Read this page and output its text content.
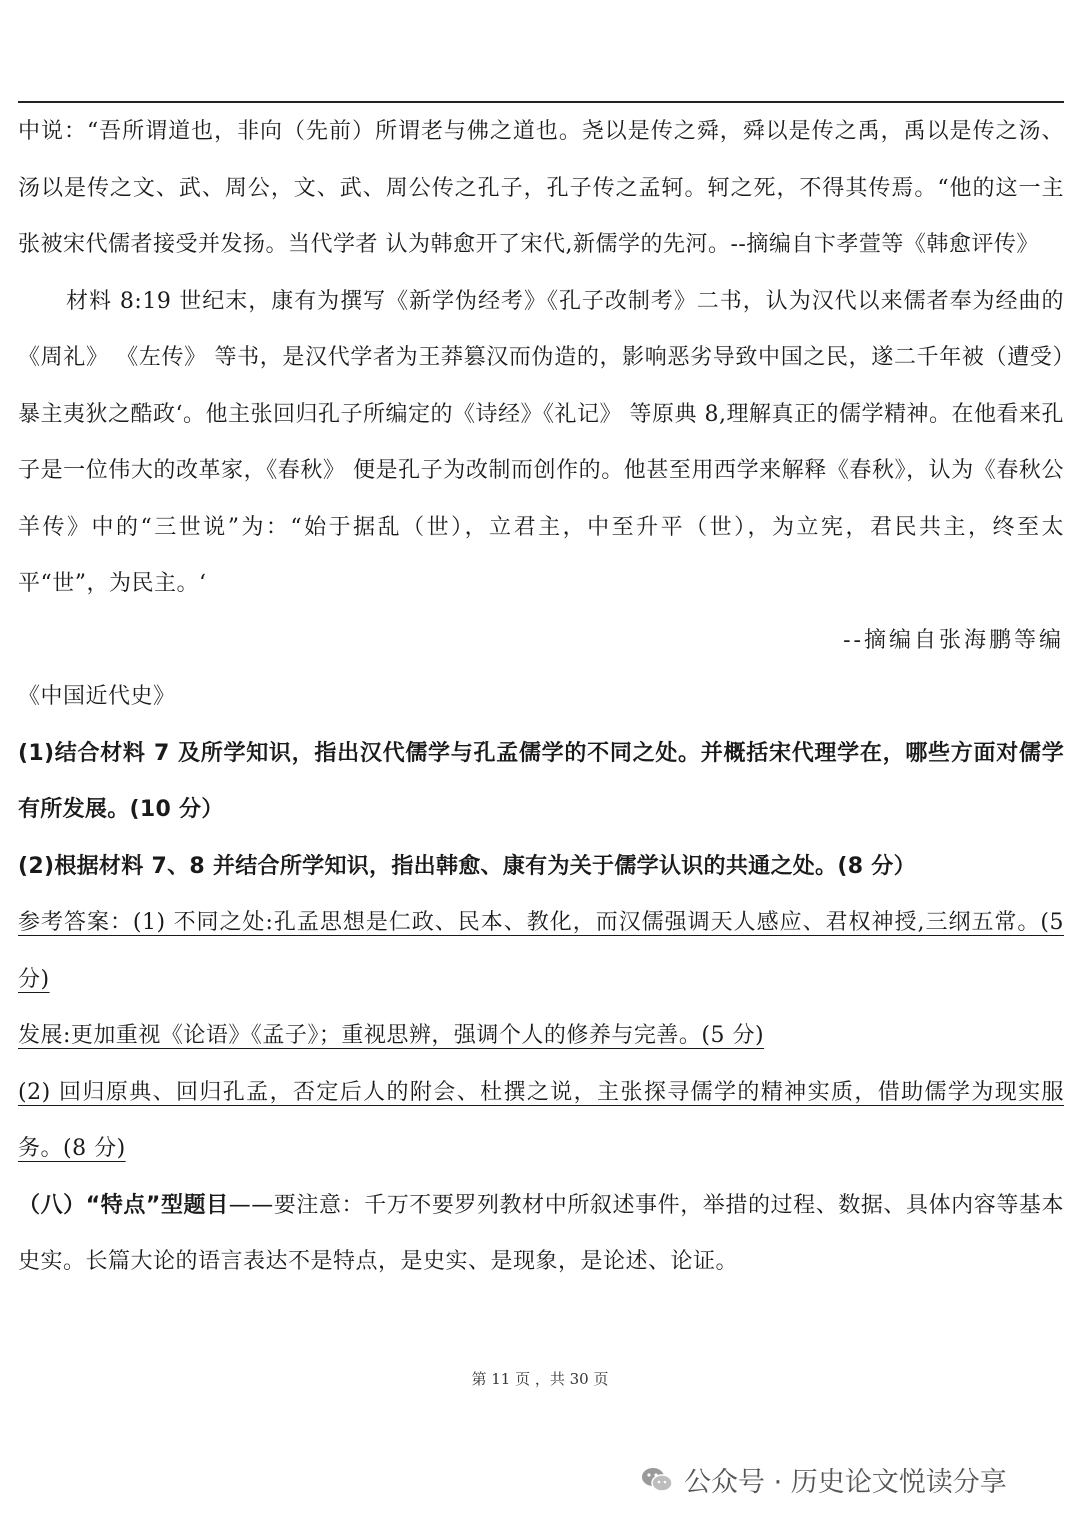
中说：“吾所谓道也，非向（先前）所谓老与佛之道也。尧以是传之舜，舜以是传之禹，禹以是传之汤、汤以是传之文、武、周公，文、武、周公传之孔子，孔子传之孟轲。轲之死，不得其传焉。“他的这一主张被宋代儒者接受并发扬。当代学者 认为韩愈开了宋代,新儒学的先河。--摘编自卞孝萱等《韩愈评传》

材料 8:19 世纪末，康有为撰写《新学伪经考》《孔子改制考》二书，认为汉代以来儒者奉为经曲的《周礼》 《左传》 等书，是汉代学者为王莽篡汉而伪造的，影响恶劣导致中国之民，遂二千年被（遭受）暴主夷狄之酷政‘。他主张回归孔子所编定的《诗经》《礼记》 等原典 8,理解真正的儒学精神。在他看来孔子是一位伟大的改革家，《春秋》 便是孔子为改制而创作的。他甚至用西学来解释《春秋》，认为《春秋公羊传》中的“三世说”为：“始于据乱（世），立君主，中至升平（世），为立宪，君民共主，终至太平“世”，为民主。‘

--摘编自张海鹏等编

《中国近代史》

(1)结合材料 7 及所学知识，指出汉代儒学与孔孟儒学的不同之处。并概括宋代理学在，哪些方面对儒学有所发展。(10 分）

(2)根据材料 7、8 并结合所学知识，指出韩愈、康有为关于儒学认识的共通之处。(8 分）

参考答案：(1) 不同之处:孔孟思想是仁政、民本、教化，而汉儒强调天人感应、君权神授,三纲五常。(5 分)

发展:更加重视《论语》《孟子》；重视思辨，强调个人的修养与完善。(5 分)

(2) 回归原典、回归孔孟，否定后人的附会、杜撰之说，主张探寻儒学的精神实质，借助儒学为现实服务。(8 分)

（八）“特点”型题目——要注意：千万不要罗列教材中所叙述事件，举措的过程、数据、具体内容等基本史实。长篇大论的语言表达不是特点，是史实、是现象，是论述、论证。

第 11 页 ，共 30 页
公众号 · 历史论文悦读分享
